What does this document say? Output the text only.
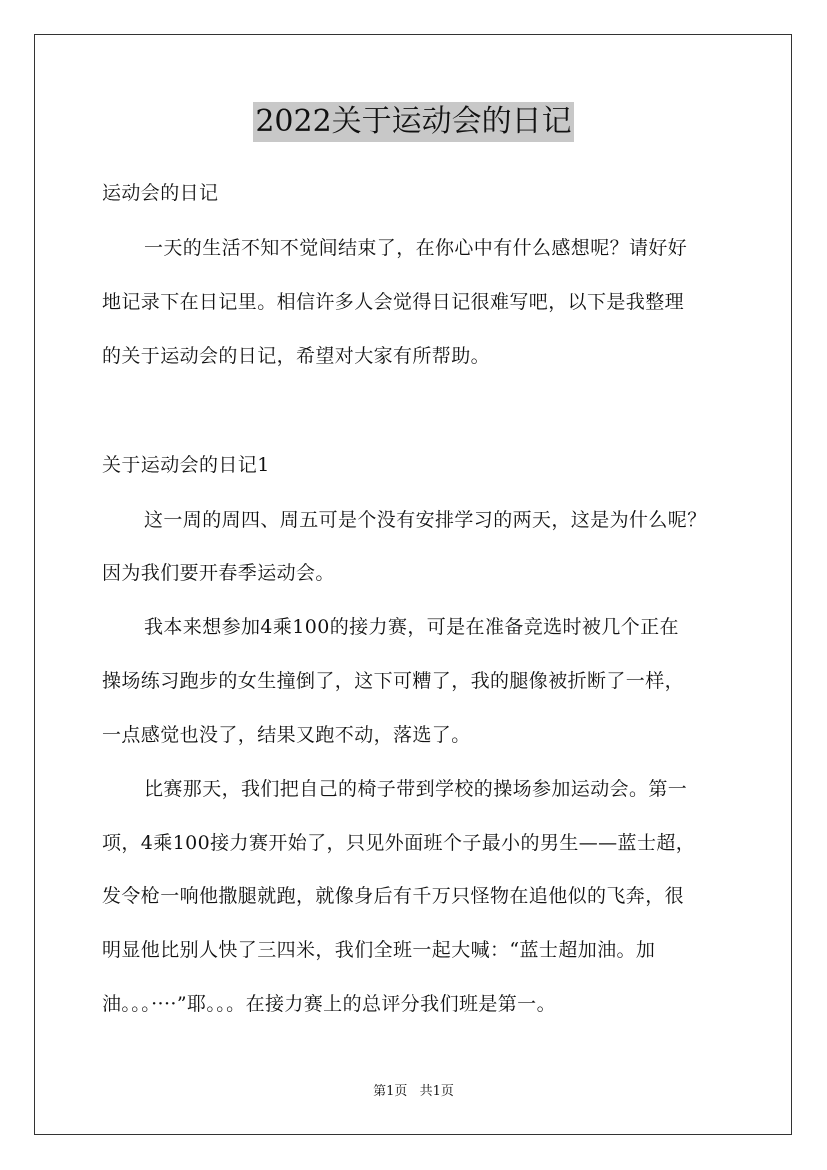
2022关于运动会的日记
运动会的日记
一天的生活不知不觉间结束了，在你心中有什么感想呢？请好好
地记录下在日记里。相信许多人会觉得日记很难写吧，以下是我整理
的关于运动会的日记，希望对大家有所帮助。
关于运动会的日记1
这一周的周四、周五可是个没有安排学习的两天，这是为什么呢？
因为我们要开春季运动会。
我本来想参加4乘100的接力赛，可是在准备竞选时被几个正在
操场练习跑步的女生撞倒了，这下可糟了，我的腿像被折断了一样，
一点感觉也没了，结果又跑不动，落选了。
比赛那天，我们把自己的椅子带到学校的操场参加运动会。第一
项，4乘100接力赛开始了，只见外面班个子最小的男生——蓝士超，
发令枪一响他撒腿就跑，就像身后有千万只怪物在追他似的飞奔，很
明显他比别人快了三四米，我们全班一起大喊：“蓝士超加油。加
油。。。····”耶。。。在接力赛上的总评分我们班是第一。
第1页 共1页
